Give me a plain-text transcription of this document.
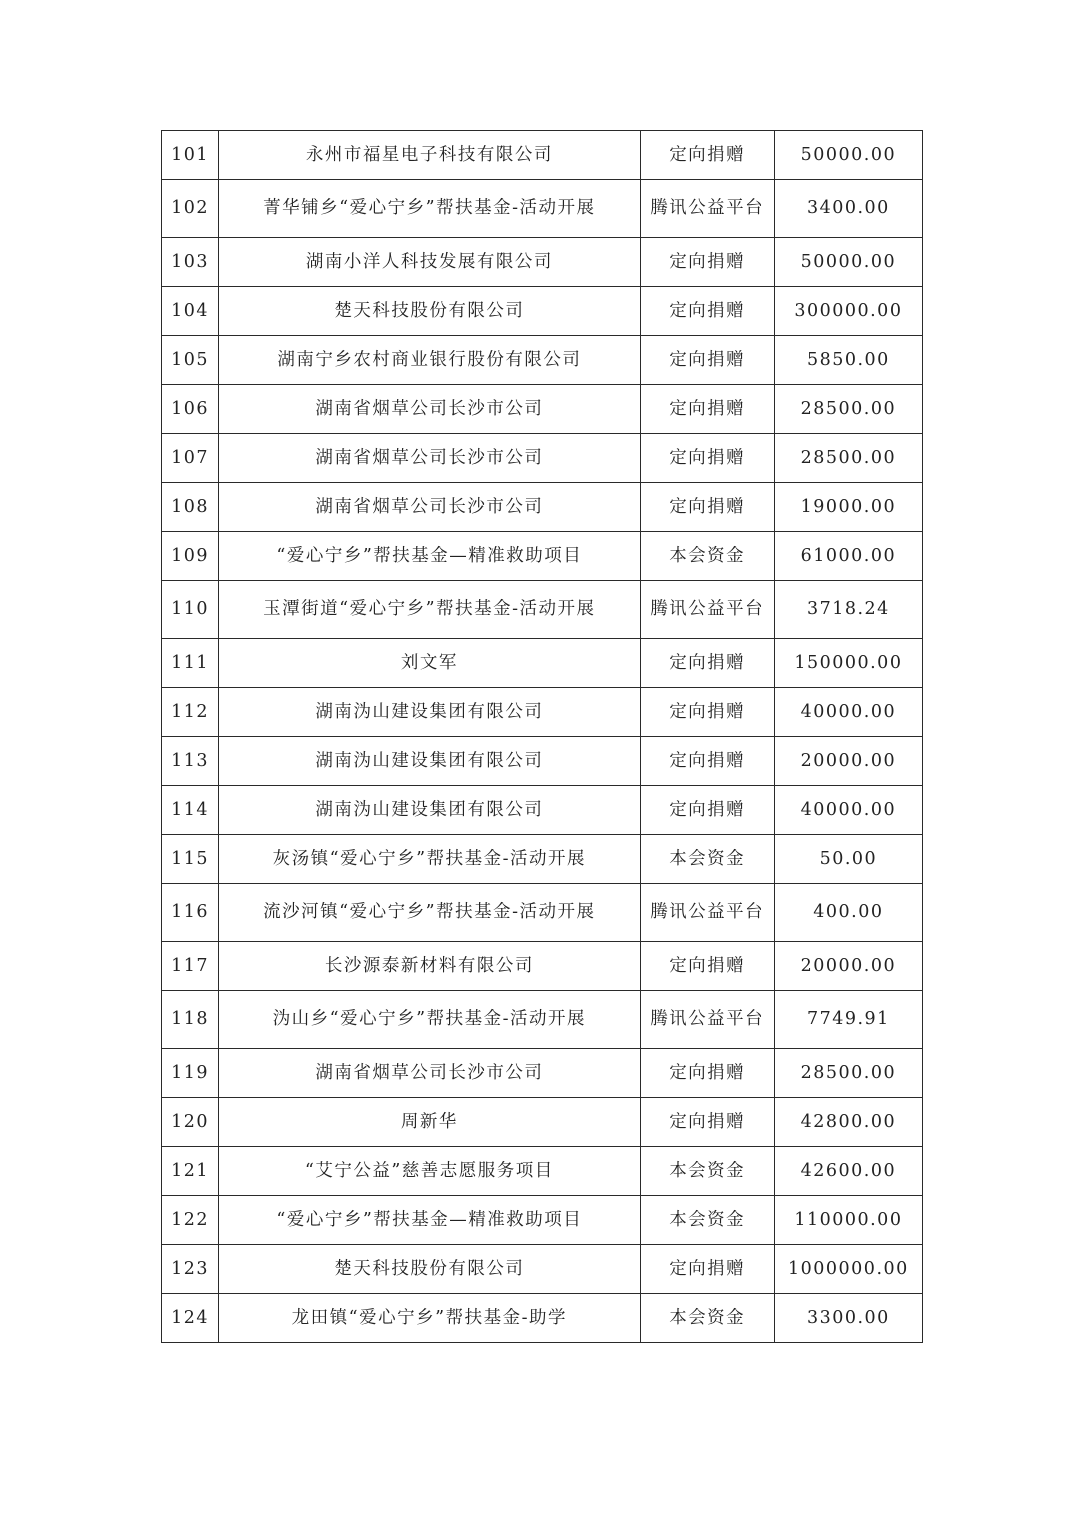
101	永州市福星电子科技有限公司	定向捐赠	50000.00
102	菁华铺乡“爱心宁乡”帮扶基金-活动开展	腾讯公益平台	3400.00
103	湖南小洋人科技发展有限公司	定向捐赠	50000.00
104	楚天科技股份有限公司	定向捐赠	300000.00
105	湖南宁乡农村商业银行股份有限公司	定向捐赠	5850.00
106	湖南省烟草公司长沙市公司	定向捐赠	28500.00
107	湖南省烟草公司长沙市公司	定向捐赠	28500.00
108	湖南省烟草公司长沙市公司	定向捐赠	19000.00
109	“爱心宁乡”帮扶基金—精准救助项目	本会资金	61000.00
110	玉潭街道“爱心宁乡”帮扶基金-活动开展	腾讯公益平台	3718.24
111	刘文军	定向捐赠	150000.00
112	湖南沩山建设集团有限公司	定向捐赠	40000.00
113	湖南沩山建设集团有限公司	定向捐赠	20000.00
114	湖南沩山建设集团有限公司	定向捐赠	40000.00
115	灰汤镇“爱心宁乡”帮扶基金-活动开展	本会资金	50.00
116	流沙河镇“爱心宁乡”帮扶基金-活动开展	腾讯公益平台	400.00
117	长沙源泰新材料有限公司	定向捐赠	20000.00
118	沩山乡“爱心宁乡”帮扶基金-活动开展	腾讯公益平台	7749.91
119	湖南省烟草公司长沙市公司	定向捐赠	28500.00
120	周新华	定向捐赠	42800.00
121	“艾宁公益”慈善志愿服务项目	本会资金	42600.00
122	“爱心宁乡”帮扶基金—精准救助项目	本会资金	110000.00
123	楚天科技股份有限公司	定向捐赠	1000000.00
124	龙田镇“爱心宁乡”帮扶基金-助学	本会资金	3300.00
